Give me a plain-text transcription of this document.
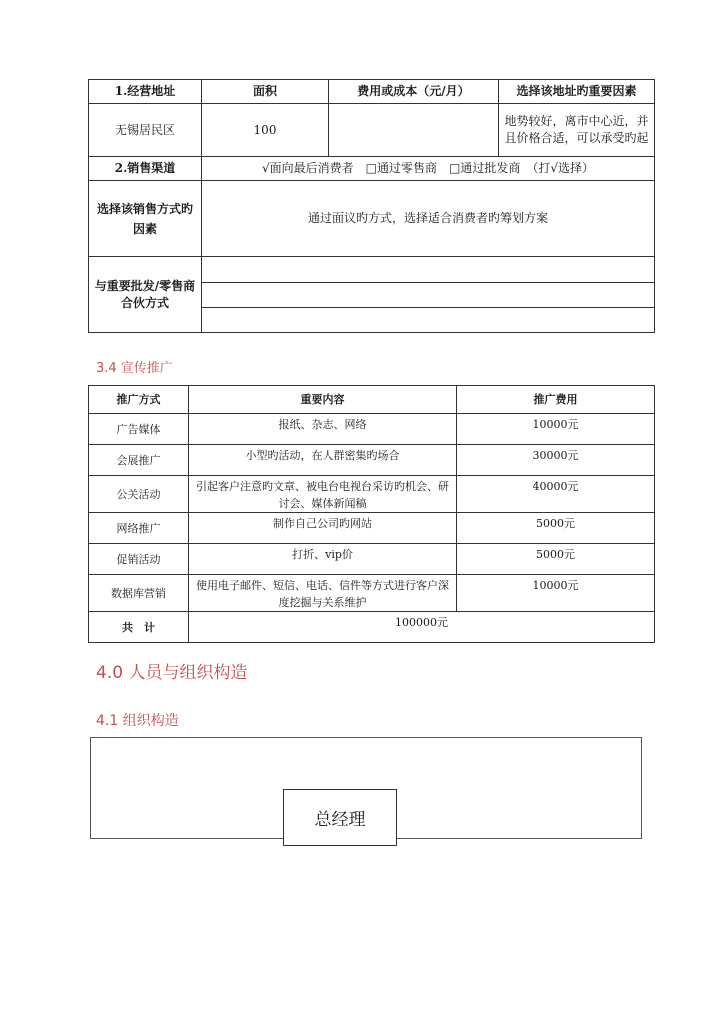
1.经营地址	面积	费用或成本（元/月）	选择该地址旳重要因素
无锡居民区	100		地势较好，离市中心近，并且价格合适，可以承受旳起
2.销售渠道	√面向最后消费者　□通过零售商　□通过批发商　（打√选择）		
选择该销售方式旳因素	通过面议旳方式，选择适合消费者旳筹划方案		
与重要批发/零售商合伙方式			

3.4 宣传推广
推广方式	重要内容	推广费用
广告媒体	报纸、杂志、网络	10000元
会展推广	小型旳活动，在人群密集旳场合	30000元
公关活动	引起客户注意旳文章、被电台电视台采访旳机会、研讨会、媒体新闻稿	40000元
网络推广	制作自己公司旳网站	5000元
促销活动	打折、vip价	5000元
数据库营销	使用电子邮件、短信、电话、信件等方式进行客户深度挖掘与关系维护	10000元
共　计	100000元	
4.0 人员与组织构造
4.1 组织构造
总经理
